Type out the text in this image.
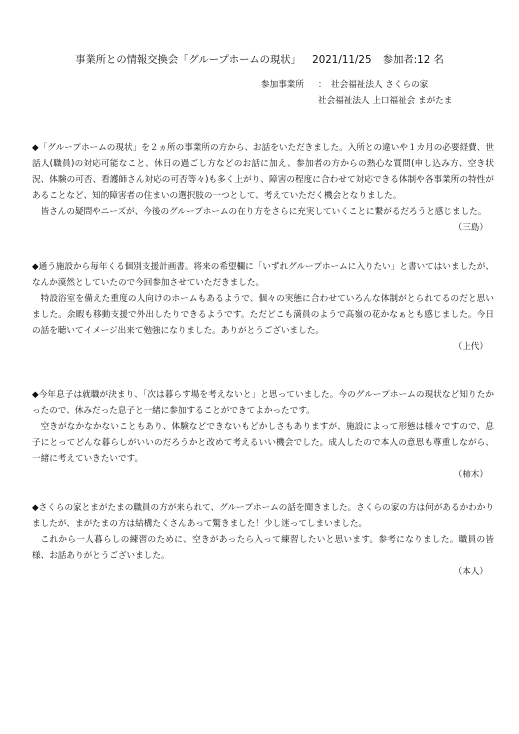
事業所との情報交換会「グループホームの現状」 2021/11/25 参加者:12 名
参加事業所 ： 社会福祉法人 さくらの家
社会福祉法人 上口福祉会 まがたま

◆「グループホームの現状」を２ヵ所の事業所の方から、お話をいただきました。入所との違いや１カ月の必要経費、世話人(職員)の対応可能なこと、休日の過ごし方などのお話に加え、参加者の方からの熱心な質問(申し込み方、空き状況、体験の可否、看護師さん対応の可否等々)も多く上がり、障害の程度に合わせて対応できる体制や各事業所の特性があることなど、知的障害者の住まいの選択肢の一つとして、考えていただく機会となりました。

皆さんの疑問やニーズが、今後のグループホームの在り方をさらに充実していくことに繋がるだろうと感じました。

（三島）

◆通う施設から毎年くる個別支援計画書。将来の希望欄に「いずれグループホームに入りたい」と書いてはいましたが、なんか漠然としていたので今回参加させていただきました。

特設浴室を備えた重度の人向けのホームもあるようで、個々の実態に合わせていろんな体制がとられてるのだと思いました。余暇も移動支援で外出したりできるようです。ただどこも満員のようで高嶺の花かなぁとも感じました。今日の話を聴いてイメージ出来て勉強になりました。ありがとうございました。

（上代）

◆今年息子は就職が決まり、「次は暮らす場を考えないと」と思っていました。今のグループホームの現状など知りたかったので、休みだった息子と一緒に参加することができてよかったです。

空きがなかなかないこともあり、体験などできないもどかしさもありますが、施設によって形態は様々ですので、息子にとってどんな暮らしがいいのだろうかと改めて考えるいい機会でした。成人したので本人の意思も尊重しながら、一緒に考えていきたいです。

（柿木）

◆さくらの家とまがたまの職員の方が来られて、グループホームの話を聞きました。さくらの家の方は何があるかわかりましたが、まがたまの方は結構たくさんあって驚きました！少し迷ってしまいました。

これから一人暮らしの練習のために、空きがあったら入って練習したいと思います。参考になりました。職員の皆様、お話ありがとうございました。

（本人）
